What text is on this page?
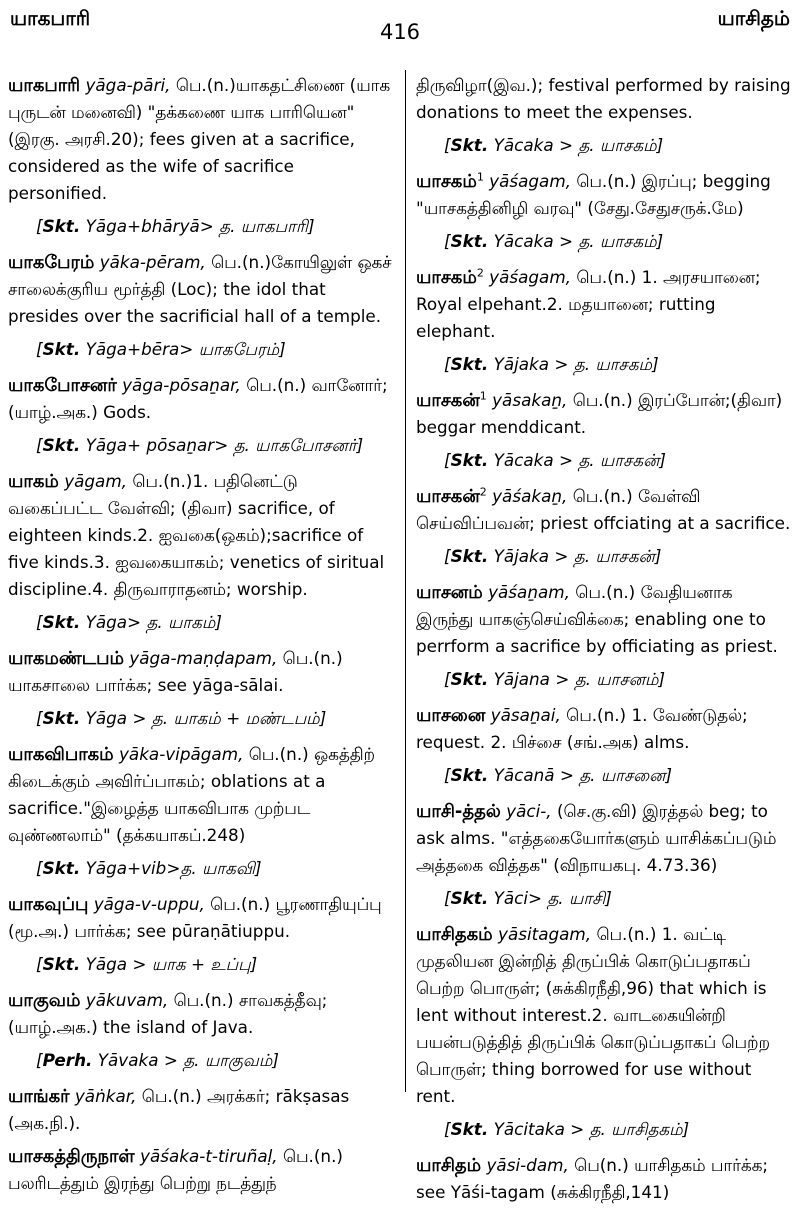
யாகபாரி
416
யாசிதம்
யாகபாரி yāga-pāri, பெ.(n.)யாகதட்சிணை (யாக புருடன் மனைவி) "தக்கணை யாக பாரியென" (இரகு. அரசி.20); fees given at a sacrifice, considered as the wife of sacrifice personified.
[Skt. Yāga+bhāryā> த. யாகபாரி]
யாகபேரம் yāka-pēram, பெ.(n.)கோயிலுள் ஒகச் சாலைக்குரிய மூர்த்தி (Loc); the idol that presides over the sacrificial hall of a temple.
[Skt. Yāga+bēra> யாகபேரம்]
யாகபோசனர் yāga-pōsaṉar, பெ.(n.) வானோர்; (யாழ்.அக.) Gods.
[Skt. Yāga+ pōsaṉar> த. யாகபோசனர்]
யாகம் yāgam, பெ.(n.)1. பதினெட்டு வகைப்பட்ட வேள்வி; (திவா) sacrifice, of eighteen kinds.2. ஐவகை(ஒகம்);sacrifice of five kinds.3. ஐவகையாகம்; venetics of siritual discipline.4. திருவாராதனம்; worship.
[Skt. Yāga> த. யாகம்]
யாகமண்டபம் yāga-maṇḍapam, பெ.(n.) யாகசாலை பார்க்க; see yāga-sālai.
[Skt. Yāga > த. யாகம் + மண்டபம்]
யாகவிபாகம் yāka-vipāgam, பெ.(n.) ஒகத்திற் கிடைக்கும் அவிர்ப்பாகம்; oblations at a sacrifice."இழைத்த யாகவிபாக முற்பட வுண்ணலாம்" (தக்கயாகப்.248)
[Skt. Yāga+vib>த. யாகவி]
யாகவுப்பு yāga-v-uppu, பெ.(n.) பூரணாதியுப்பு (மூ.அ.) பார்க்க; see pūraṇātiuppu.
[Skt. Yāga > யாக + உப்பு]
யாகுவம் yākuvam, பெ.(n.) சாவகத்தீவு; (யாழ்.அக.) the island of Java.
[Perh. Yāvaka > த. யாகுவம்]
யாங்கர் yāṅkar, பெ.(n.) அரக்கர்; rākṣasas (அக.நி.).
யாசகத்திருநாள் yāśaka-t-tiruñaḷ, பெ.(n.) பலரிடத்தும் இரந்து பெற்று நடத்துந்
திருவிழா(இவ.); festival performed by raising donations to meet the expenses.
[Skt. Yācaka > த. யாசகம்]
யாசகம்$^1$ yāśagam, பெ.(n.) இரப்பு; begging "யாசகத்தினிழி வரவு" (சேது.சேதுசருக்.மே)
[Skt. Yācaka > த. யாசகம்]
யாசகம்$^2$ yāśagam, பெ.(n.) 1. அரசயானை; Royal elpehant.2. மதயானை; rutting elephant.
[Skt. Yājaka > த. யாசகம்]
யாசகன்$^1$ yāsakaṉ, பெ.(n.) இரப்போன்;(திவா) beggar menddicant.
[Skt. Yācaka > த. யாசகன்]
யாசகன்$^2$ yāśakaṉ, பெ.(n.) வேள்வி செய்விப்பவன்; priest offciating at a sacrifice.
[Skt. Yājaka > த. யாசகன்]
யாசனம் yāśaṉam, பெ.(n.) வேதியனாக இருந்து யாகஞ்செய்விக்கை; enabling one to perrform a sacrifice by officiating as priest.
[Skt. Yājana > த. யாசனம்]
யாசனை yāsaṉai, பெ.(n.) 1. வேண்டுதல்; request. 2. பிச்சை (சங்.அக) alms.
[Skt. Yācanā > த. யாசனை]
யாசி-த்தல் yāci-, (செ.கு.வி) இரத்தல் beg; to ask alms. "எத்தகையோர்களும் யாசிக்கப்படும் அத்தகை வித்தக" (விநாயகபு. 4.73.36)
[Skt. Yāci> த. யாசி]
யாசிதகம் yāsitagam, பெ.(n.) 1. வட்டி முதலியன இன்றித் திருப்பிக் கொடுப்பதாகப் பெற்ற பொருள்; (சுக்கிரநீதி,96) that which is lent without interest.2. வாடகையின்றி பயன்படுத்தித் திருப்பிக் கொடுப்பதாகப் பெற்ற பொருள்; thing borrowed for use without rent.
[Skt. Yācitaka > த. யாசிதகம்]
யாசிதம் yāsi-dam, பெ(n.) யாசிதகம் பார்க்க; see Yāśi-tagam (சுக்கிரநீதி,141)
